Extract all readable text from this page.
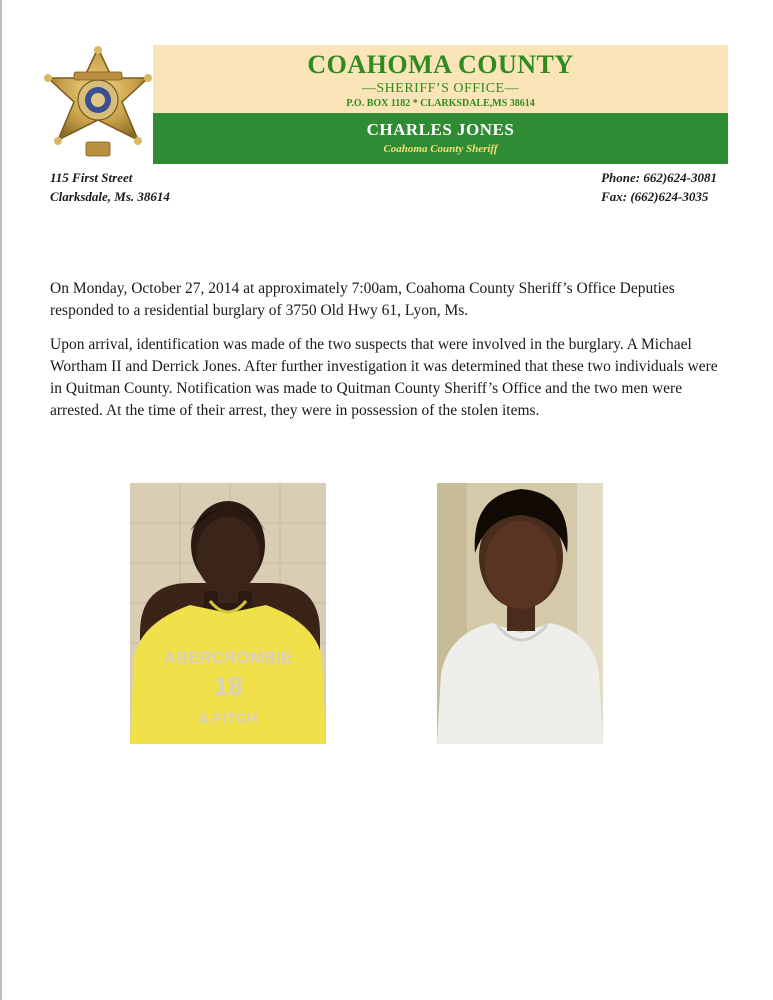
COAHOMA COUNTY
—SHERIFF’S OFFICE—
P.O. BOX 1182 * CLARKSDALE,MS 38614
CHARLES JONES
Coahoma County Sheriff
115 First Street
Clarksdale, Ms. 38614
Phone: 662)624-3081
Fax: (662)624-3035

On Monday, October 27, 2014 at approximately 7:00am, Coahoma County Sheriff’s Office Deputies responded to a residential burglary of 3750 Old Hwy 61, Lyon, Ms.

Upon arrival, identification was made of the two suspects that were involved in the burglary. A Michael Wortham II and Derrick Jones. After further investigation it was determined that these two individuals were in Quitman County. Notification was made to Quitman County Sheriff’s Office and the two men were arrested. At the time of their arrest, they were in possession of the stolen items.

ABERCROMBIE
18
& FITCH
